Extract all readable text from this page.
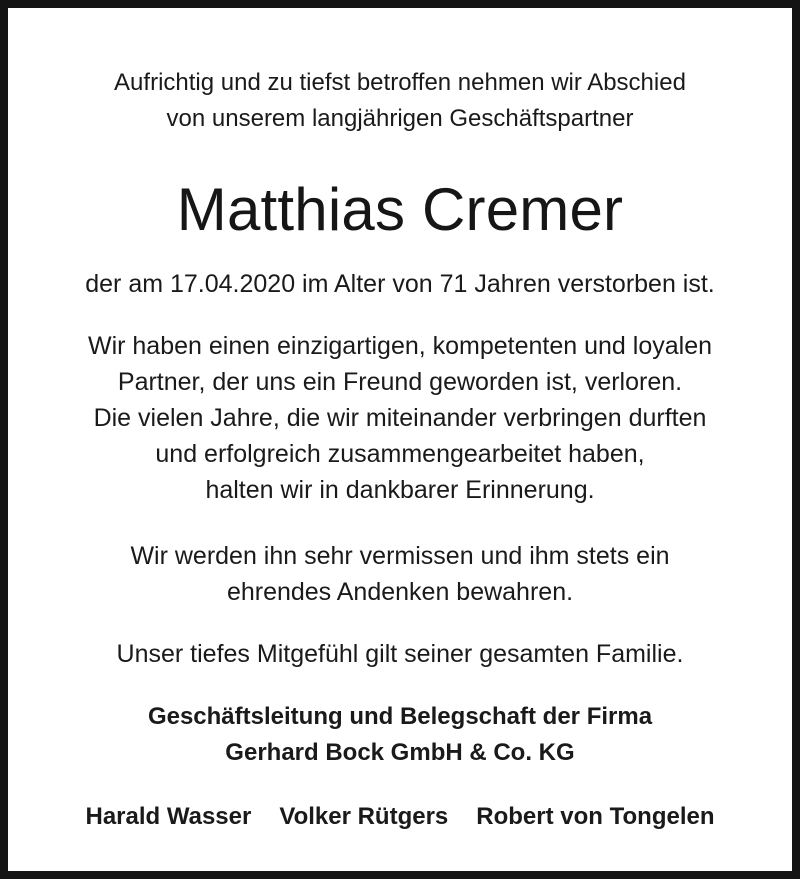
Aufrichtig und zu tiefst betroffen nehmen wir Abschied
von unserem langjährigen Geschäftspartner
Matthias Cremer
der am 17.04.2020 im Alter von 71 Jahren verstorben ist.
Wir haben einen einzigartigen, kompetenten und loyalen
Partner, der uns ein Freund geworden ist, verloren.
Die vielen Jahre, die wir miteinander verbringen durften
und erfolgreich zusammengearbeitet haben,
halten wir in dankbarer Erinnerung.
Wir werden ihn sehr vermissen und ihm stets ein
ehrendes Andenken bewahren.
Unser tiefes Mitgefühl gilt seiner gesamten Familie.
Geschäftsleitung und Belegschaft der Firma
Gerhard Bock GmbH & Co. KG
Harald Wasser Volker Rütgers Robert von Tongelen
